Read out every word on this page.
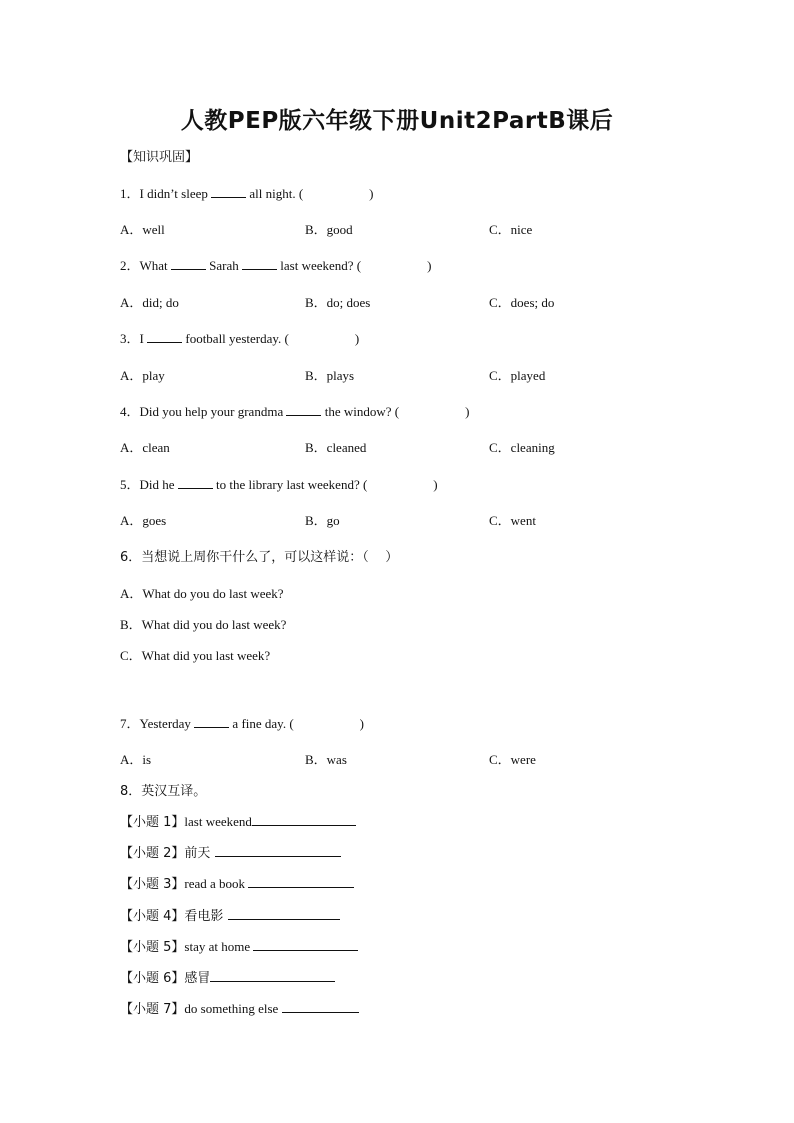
人教PEP版六年级下册Unit2PartB课后
【知识巩固】
1．I didn’t sleep	all night. (	)
A．well	B．good	C．nice
2．What	Sarah	last weekend? (	)
A．did; do	B．do; does	C．does; do
3．I	football yesterday. (	)
A．play	B．plays	C．played
4．Did you help your grandma	the window? (	)
A．clean	B．cleaned	C．cleaning
5．Did he	to the library last weekend? (	)
A．goes	B．go	C．went
6．当想说上周你干什么了，可以这样说：（    ）
A．What do you do last week?
B．What did you do last week?
C．What did you last week?
7．Yesterday	a fine day. (	)
A．is	B．was	C．were
8．英汉互译。
【小题 1】last weekend
【小题 2】前天
【小题 3】read a book
【小题 4】看电影
【小题 5】stay at home
【小题 6】感冒
【小题 7】do something else
